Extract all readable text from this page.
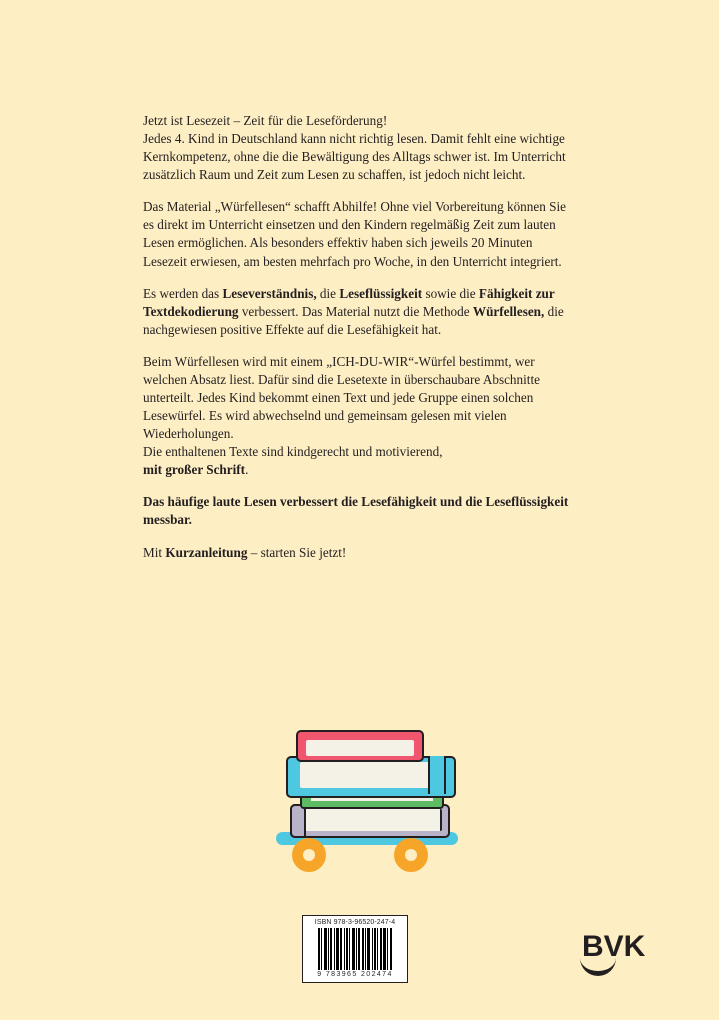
Jetzt ist Lesezeit – Zeit für die Leseförderung!
Jedes 4. Kind in Deutschland kann nicht richtig lesen. Damit fehlt eine wichtige Kernkompetenz, ohne die die Bewältigung des Alltags schwer ist. Im Unterricht zusätzlich Raum und Zeit zum Lesen zu schaffen, ist jedoch nicht leicht.

Das Material „Würfellesen“ schafft Abhilfe! Ohne viel Vorbereitung können Sie es direkt im Unterricht einsetzen und den Kindern regelmäßig Zeit zum lauten Lesen ermöglichen. Als besonders effektiv haben sich jeweils 20 Minuten Lesezeit erwiesen, am besten mehrfach pro Woche, in den Unterricht integriert.

Es werden das Leseverständnis, die Leseflüssigkeit sowie die Fähigkeit zur Textdekodierung verbessert. Das Material nutzt die Methode Würfellesen, die nachgewiesen positive Effekte auf die Lesefähigkeit hat.

Beim Würfellesen wird mit einem „ICH-DU-WIR“-Würfel bestimmt, wer welchen Absatz liest. Dafür sind die Lesetexte in überschaubare Abschnitte unterteilt. Jedes Kind bekommt einen Text und jede Gruppe einen solchen Lesewürfel. Es wird abwechselnd und gemeinsam gelesen mit vielen Wiederholungen.

Die enthaltenen Texte sind kindgerecht und motivierend,
mit großer Schrift.

Das häufige laute Lesen verbessert die Lesefähigkeit und die Leseflüssigkeit messbar.

Mit Kurzanleitung – starten Sie jetzt!

ISBN 978-3-96520-247-4
9 783965 202474
BVK
